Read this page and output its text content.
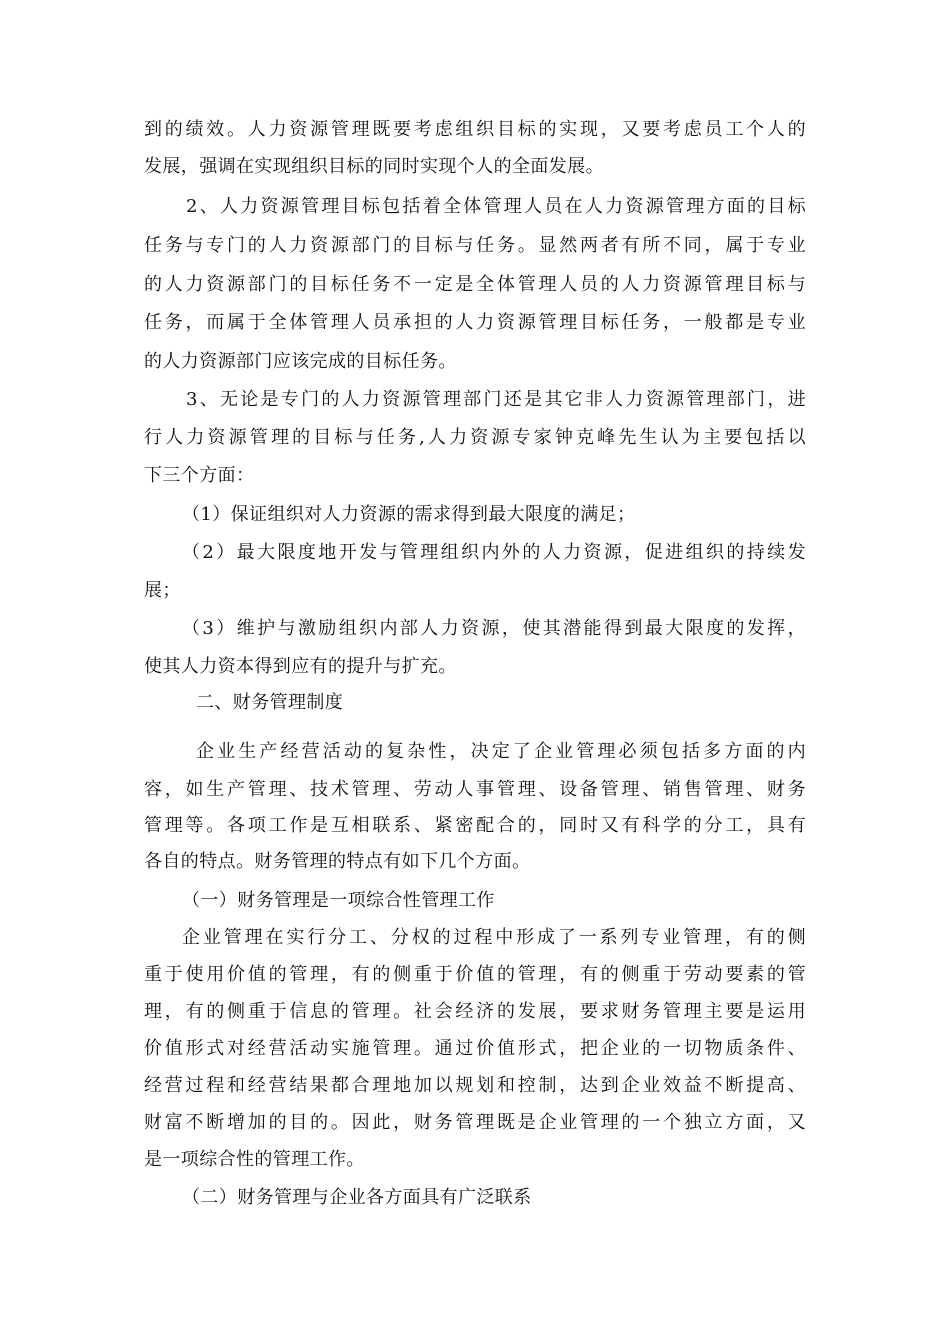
到的绩效。人力资源管理既要考虑组织目标的实现，又要考虑员工个人的
发展，强调在实现组织目标的同时实现个人的全面发展。
2、人力资源管理目标包括着全体管理人员在人力资源管理方面的目标
任务与专门的人力资源部门的目标与任务。显然两者有所不同，属于专业
的人力资源部门的目标任务不一定是全体管理人员的人力资源管理目标与
任务，而属于全体管理人员承担的人力资源管理目标任务，一般都是专业
的人力资源部门应该完成的目标任务。
3、无论是专门的人力资源管理部门还是其它非人力资源管理部门，进
行人力资源管理的目标与任务,人力资源专家钟克峰先生认为主要包括以
下三个方面：
（1）保证组织对人力资源的需求得到最大限度的满足；
（2）最大限度地开发与管理组织内外的人力资源，促进组织的持续发
展；
（3）维护与激励组织内部人力资源，使其潜能得到最大限度的发挥，
使其人力资本得到应有的提升与扩充。
二、财务管理制度
企业生产经营活动的复杂性，决定了企业管理必须包括多方面的内
容，如生产管理、技术管理、劳动人事管理、设备管理、销售管理、财务
管理等。各项工作是互相联系、紧密配合的，同时又有科学的分工，具有
各自的特点。财务管理的特点有如下几个方面。
（一）财务管理是一项综合性管理工作
企业管理在实行分工、分权的过程中形成了一系列专业管理，有的侧
重于使用价值的管理，有的侧重于价值的管理，有的侧重于劳动要素的管
理，有的侧重于信息的管理。社会经济的发展，要求财务管理主要是运用
价值形式对经营活动实施管理。通过价值形式，把企业的一切物质条件、
经营过程和经营结果都合理地加以规划和控制，达到企业效益不断提高、
财富不断增加的目的。因此，财务管理既是企业管理的一个独立方面，又
是一项综合性的管理工作。
（二）财务管理与企业各方面具有广泛联系
